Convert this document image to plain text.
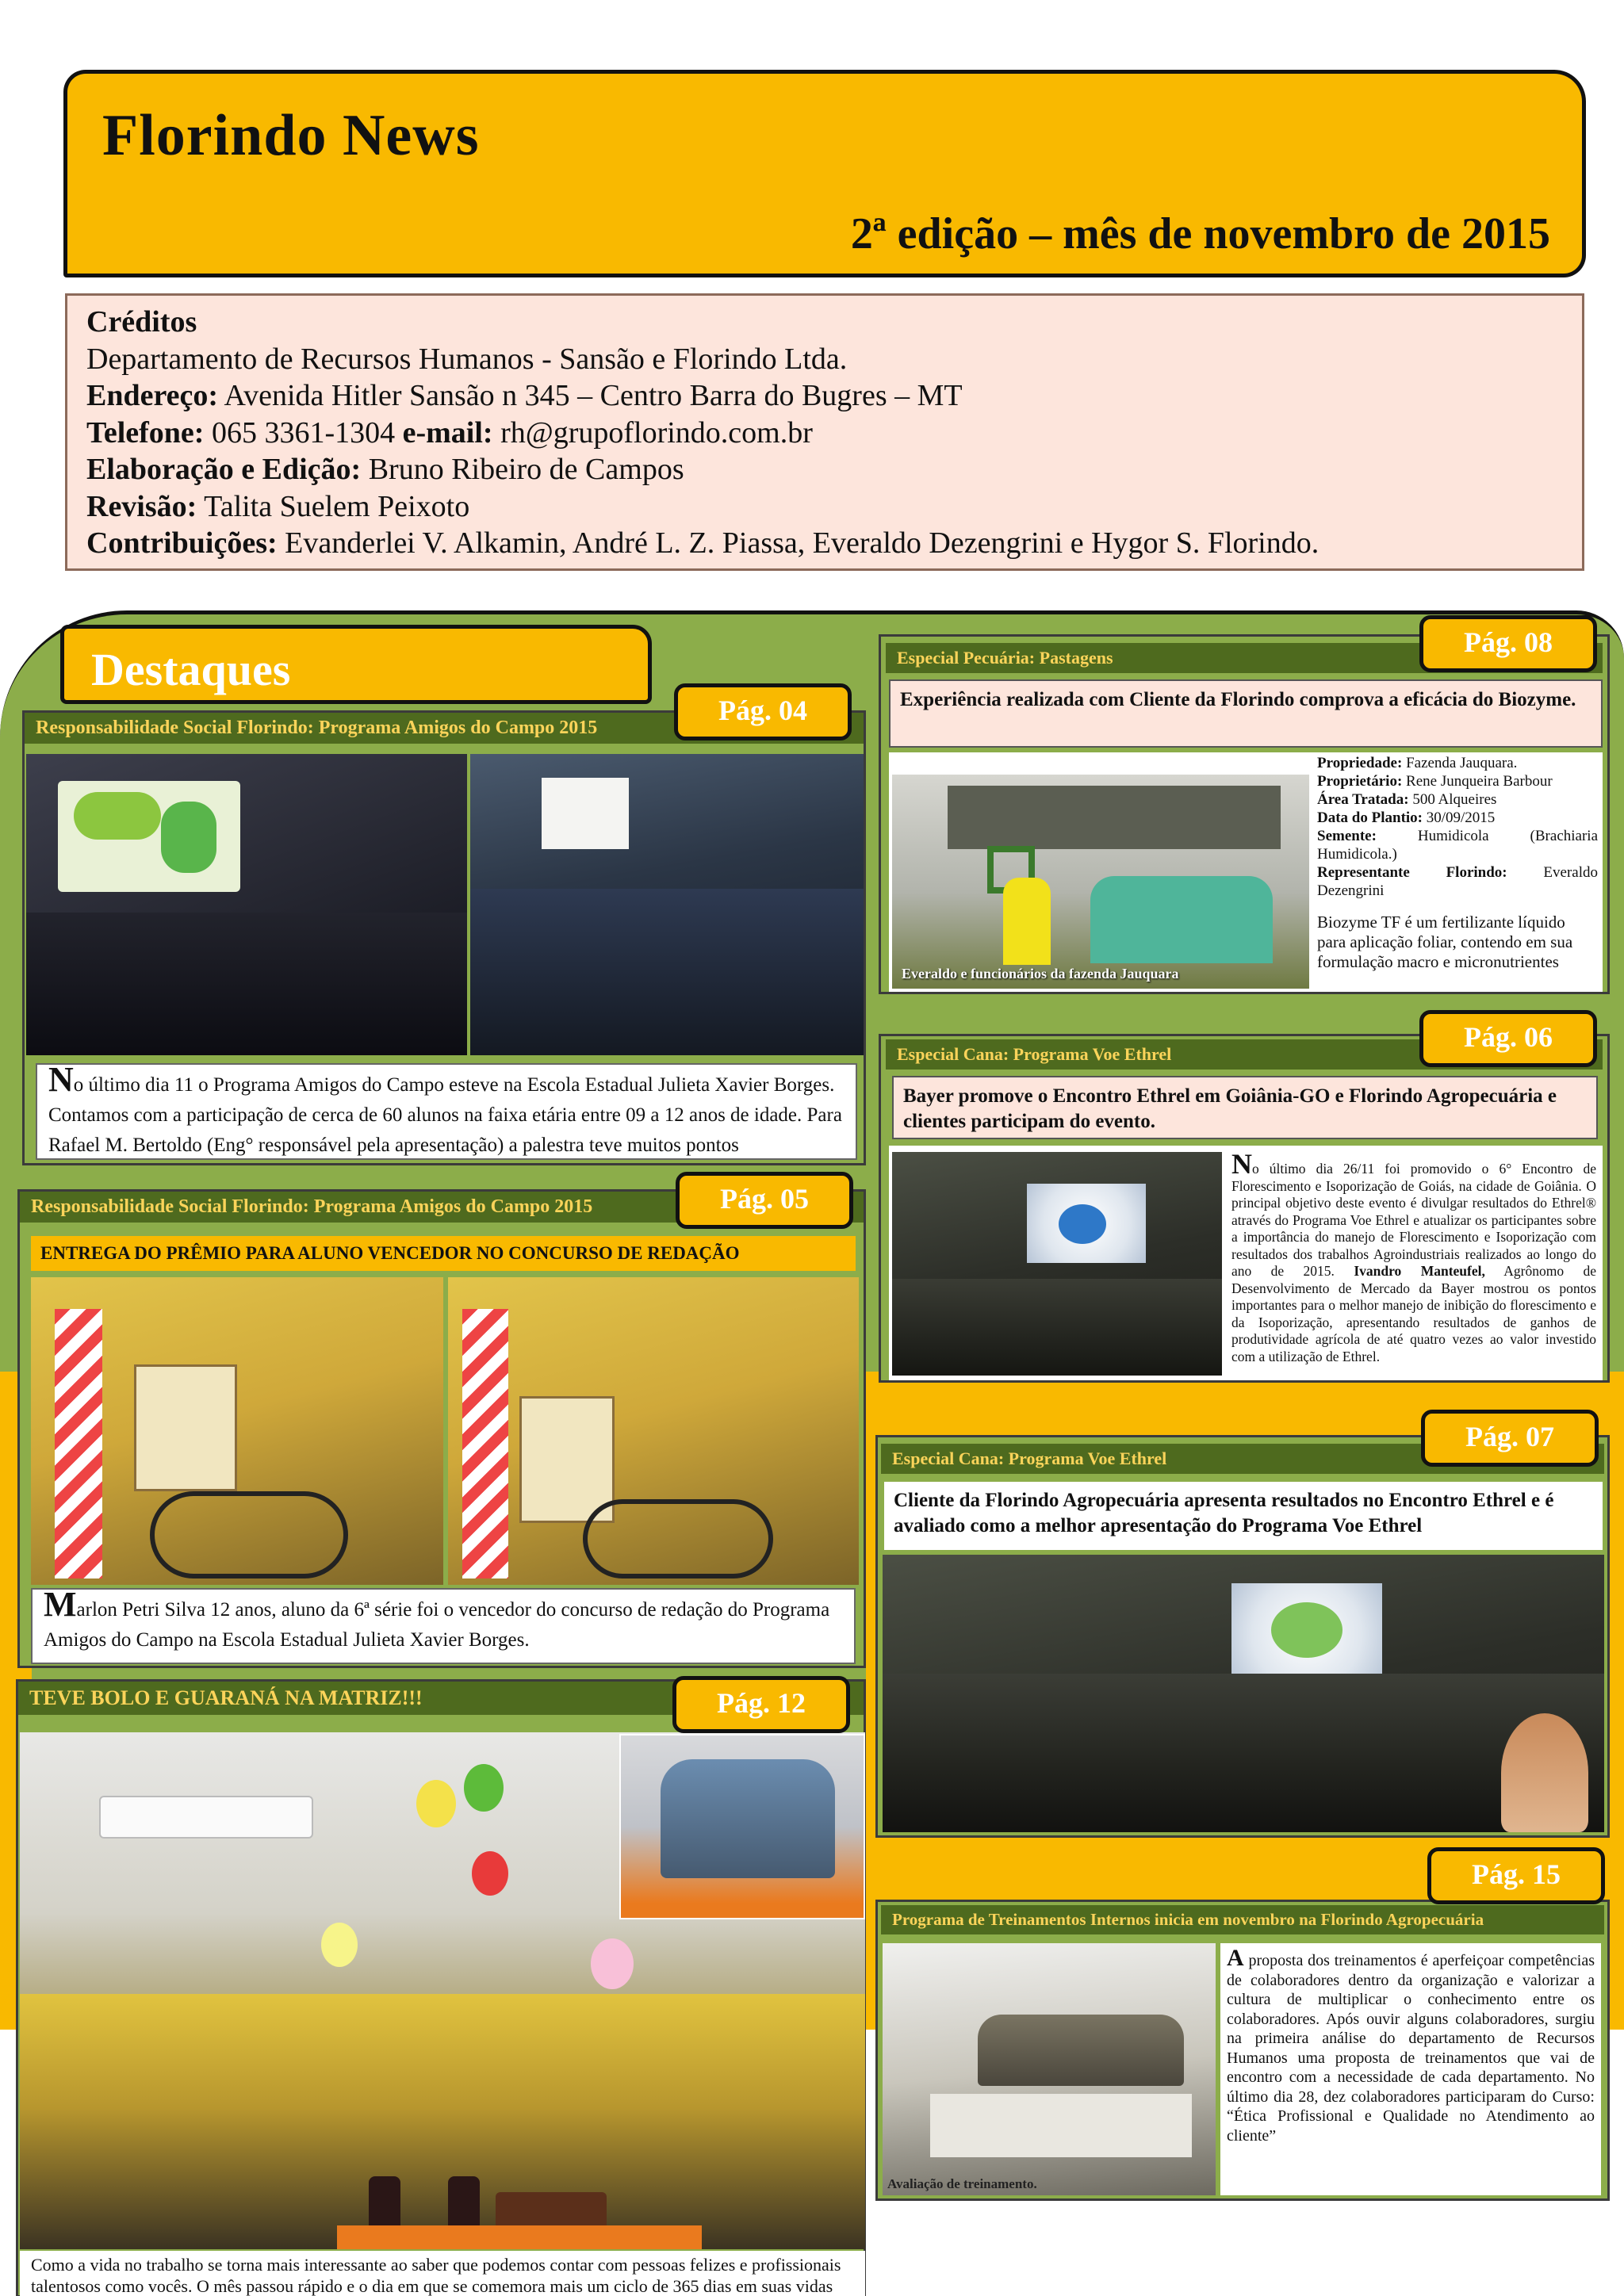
Florindo News
2ª edição – mês de novembro de 2015
Créditos
Departamento de Recursos Humanos - Sansão e Florindo Ltda.
Endereço: Avenida Hitler Sansão n 345 – Centro Barra do Bugres – MT
Telefone: 065 3361-1304 e-mail: rh@grupoflorindo.com.br
Elaboração e Edição: Bruno Ribeiro de Campos
Revisão: Talita Suelem Peixoto
Contribuições: Evanderlei V. Alkamin, André L. Z. Piassa, Everaldo Dezengrini e Hygor S. Florindo.
Destaques
Responsabilidade Social Florindo: Programa Amigos do Campo 2015
No último dia 11 o Programa Amigos do Campo esteve na Escola Estadual Julieta Xavier Borges. Contamos com a participação de cerca de 60 alunos na faixa etária entre 09 a 12 anos de idade. Para Rafael M. Bertoldo (Eng° responsável pela apresentação) a palestra teve muitos pontos
Pág. 04
Responsabilidade Social Florindo: Programa Amigos do Campo 2015
ENTREGA DO PRÊMIO PARA ALUNO VENCEDOR NO CONCURSO DE REDAÇÃO
Marlon Petri Silva 12 anos, aluno da 6ª série foi o vencedor do concurso de redação do Programa Amigos do Campo na Escola Estadual Julieta Xavier Borges.
Pág. 05
TEVE BOLO E GUARANÁ NA MATRIZ!!!
Como a vida no trabalho se torna mais interessante ao saber que podemos contar com pessoas felizes e profissionais talentosos como vocês. O mês passou rápido e o dia em que se comemora mais um ciclo de 365 dias em suas vidas
Pág. 12
Especial Pecuária: Pastagens
Experiência realizada com Cliente da Florindo comprova a eficácia do Biozyme.
Everaldo e funcionários da fazenda Jauquara
Propriedade: Fazenda Jauquara.
Proprietário: Rene Junqueira Barbour
Área Tratada: 500 Alqueires
Data do Plantio: 30/09/2015
Semente:	Humidicola (Brachiaria Humidicola.)
Representante Florindo: Everaldo Dezengrini
Biozyme TF é um fertilizante líquido para aplicação foliar, contendo em sua formulação macro e micronutrientes
Pág. 08
Especial Cana: Programa Voe Ethrel
Bayer promove o Encontro Ethrel em Goiânia-GO e Florindo Agropecuária e clientes participam do evento.
No último dia 26/11 foi promovido o 6° Encontro de Florescimento e Isoporização de Goiás, na cidade de Goiânia. O principal objetivo deste evento é divulgar resultados do Ethrel® através do Programa Voe Ethrel e atualizar os participantes sobre a importância do manejo de Florescimento e Isoporização com resultados dos trabalhos Agroindustriais realizados ao longo do ano de 2015. Ivandro Manteufel, Agrônomo de Desenvolvimento de Mercado da Bayer mostrou os pontos importantes para o melhor manejo de inibição do florescimento e da Isoporização, apresentando resultados de ganhos de produtividade agrícola de até quatro vezes ao valor investido com a utilização de Ethrel.
Pág. 06
Especial Cana: Programa Voe Ethrel
Cliente da Florindo Agropecuária apresenta resultados no Encontro Ethrel e é avaliado como a melhor apresentação do Programa Voe Ethrel
Pág. 07
Programa de Treinamentos Internos inicia em novembro na Florindo Agropecuária
Avaliação de treinamento.
A proposta dos treinamentos é aperfeiçoar competências de colaboradores dentro da organização e valorizar a cultura de multiplicar o conhecimento entre os colaboradores. Após ouvir alguns colaboradores, surgiu na primeira análise do departamento de Recursos Humanos uma proposta de treinamentos que vai de encontro com a necessidade de cada departamento. No último dia 28, dez colaboradores participaram do Curso: “Ética Profissional e Qualidade no Atendimento ao cliente”
Pág. 15
